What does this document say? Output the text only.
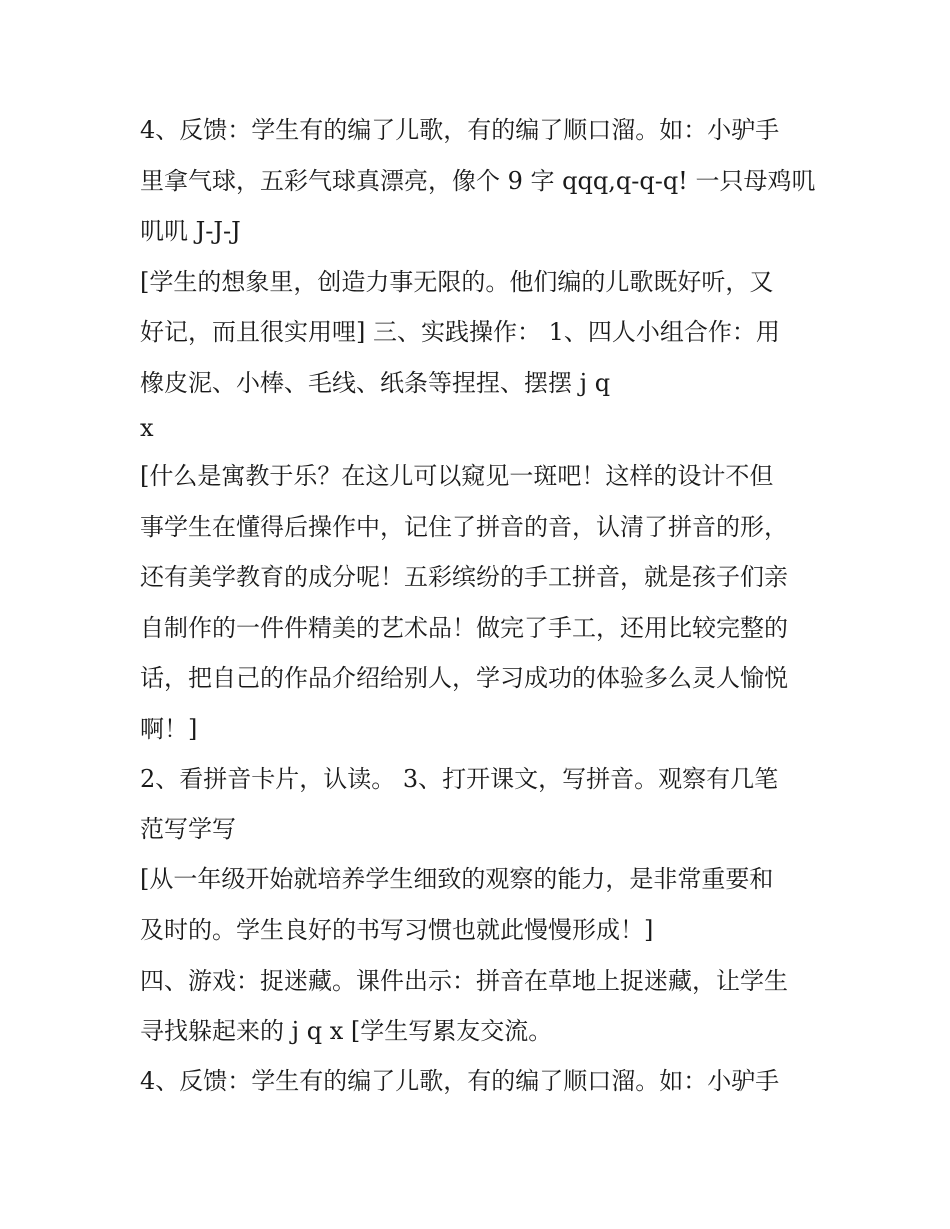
4、反馈：学生有的编了儿歌，有的编了顺口溜。如：小驴手
里拿气球，五彩气球真漂亮，像个 9 字 qqq,q-q-q! 一只母鸡叽
叽叽 J-J-J
[学生的想象里，创造力事无限的。他们编的儿歌既好听，又
好记，而且很实用哩] 三、实践操作： 1、四人小组合作：用
橡皮泥、小棒、毛线、纸条等捏捏、摆摆 j q
x
[什么是寓教于乐？在这儿可以窥见一斑吧！这样的设计不但
事学生在懂得后操作中，记住了拼音的音，认清了拼音的形，
还有美学教育的成分呢！五彩缤纷的手工拼音，就是孩子们亲
自制作的一件件精美的艺术品！做完了手工，还用比较完整的
话，把自己的作品介绍给别人，学习成功的体验多么灵人愉悦
啊！]
2、看拼音卡片，认读。 3、打开课文，写拼音。观察有几笔
范写学写
[从一年级开始就培养学生细致的观察的能力，是非常重要和
及时的。学生良好的书写习惯也就此慢慢形成！]
四、游戏：捉迷藏。课件出示：拼音在草地上捉迷藏，让学生
寻找躲起来的 j q x [学生写累友交流。
4、反馈：学生有的编了儿歌，有的编了顺口溜。如：小驴手
